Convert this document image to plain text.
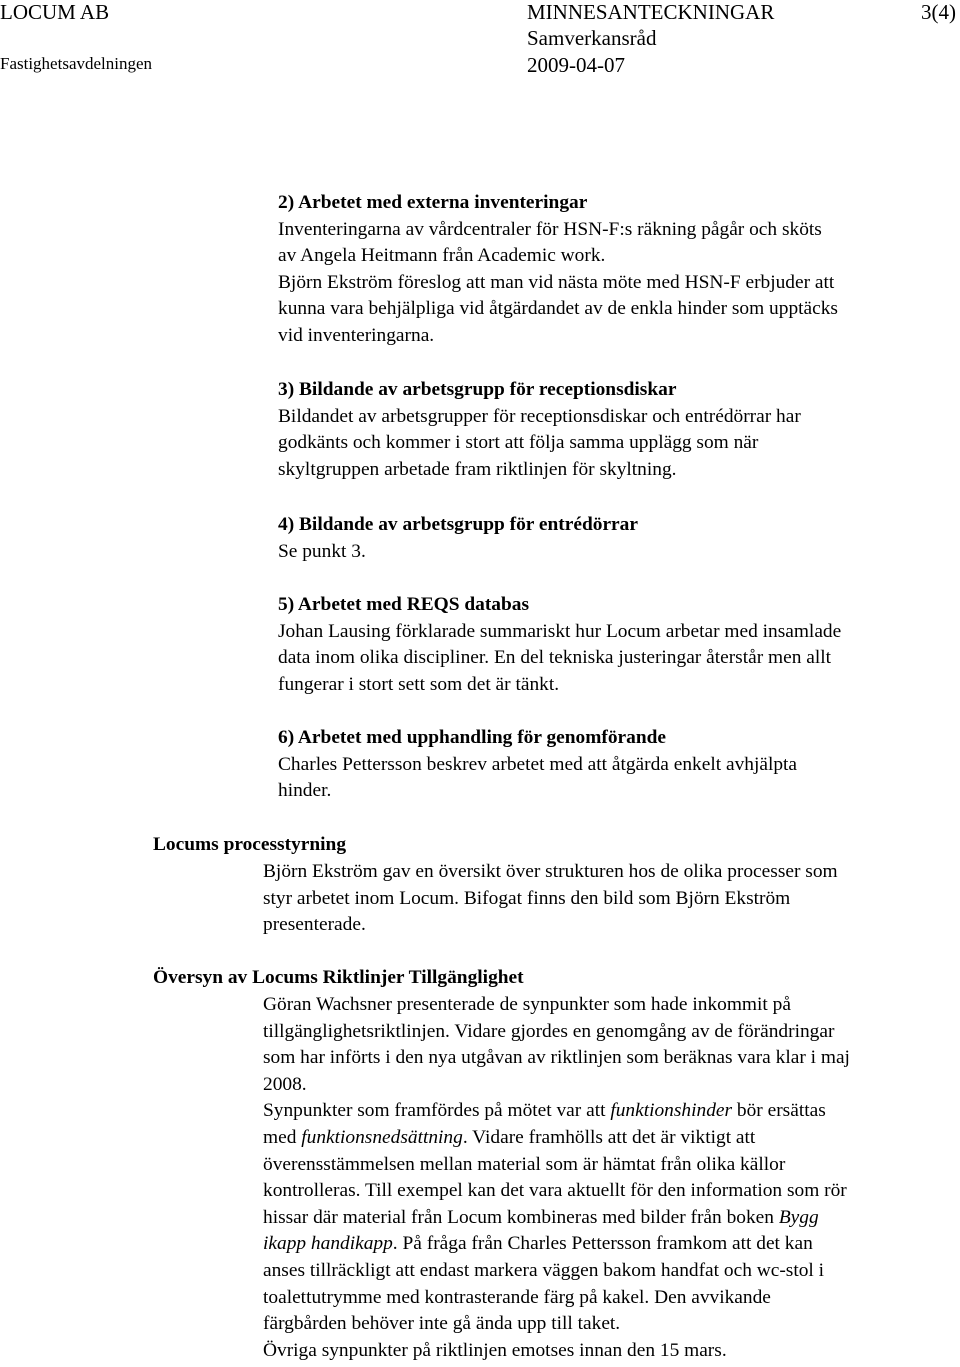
LOCUM AB	MINNESANTECKNINGAR	3(4)
Fastighetsavdelningen
Samverkansråd
2009-04-07

2) Arbetet med externa inventeringar

Inventeringarna av vårdcentraler för HSN-F:s räkning pågår och sköts

av Angela Heitmann från Academic work.

Björn Ekström föreslog att man vid nästa möte med HSN-F erbjuder att

kunna vara behjälpliga vid åtgärdandet av de enkla hinder som upptäcks

vid inventeringarna.

3) Bildande av arbetsgrupp för receptionsdiskar

Bildandet av arbetsgrupper för receptionsdiskar och entrédörrar har

godkänts och kommer i stort att följa samma upplägg som när

skyltgruppen arbetade fram riktlinjen för skyltning.

4) Bildande av arbetsgrupp för entrédörrar

Se punkt 3.

5) Arbetet med REQS databas

Johan Lausing förklarade summariskt hur Locum arbetar med insamlade

data inom olika discipliner. En del tekniska justeringar återstår men allt

fungerar i stort sett som det är tänkt.

6) Arbetet med upphandling för genomförande

Charles Pettersson beskrev arbetet med att åtgärda enkelt avhjälpta

hinder.

Locums processtyrning

Björn Ekström gav en översikt över strukturen hos de olika processer som

styr arbetet inom Locum. Bifogat finns den bild som Björn Ekström

presenterade.

Översyn av Locums Riktlinjer Tillgänglighet

Göran Wachsner presenterade de synpunkter som hade inkommit på

tillgänglighetsriktlinjen. Vidare gjordes en genomgång av de förändringar

som har införts i den nya utgåvan av riktlinjen som beräknas vara klar i maj

2008.

Synpunkter som framfördes på mötet var att funktionshinder bör ersättas

med funktionsnedsättning. Vidare framhölls att det är viktigt att

överensstämmelsen mellan material som är hämtat från olika källor

kontrolleras. Till exempel kan det vara aktuellt för den information som rör

hissar där material från Locum kombineras med bilder från boken Bygg

ikapp handikapp. På fråga från Charles Pettersson framkom att det kan

anses tillräckligt att endast markera väggen bakom handfat och wc-stol i

toalettutrymme med kontrasterande färg på kakel. Den avvikande

färgbården behöver inte gå ända upp till taket.

Övriga synpunkter på riktlinjen emotses innan den 15 mars.
